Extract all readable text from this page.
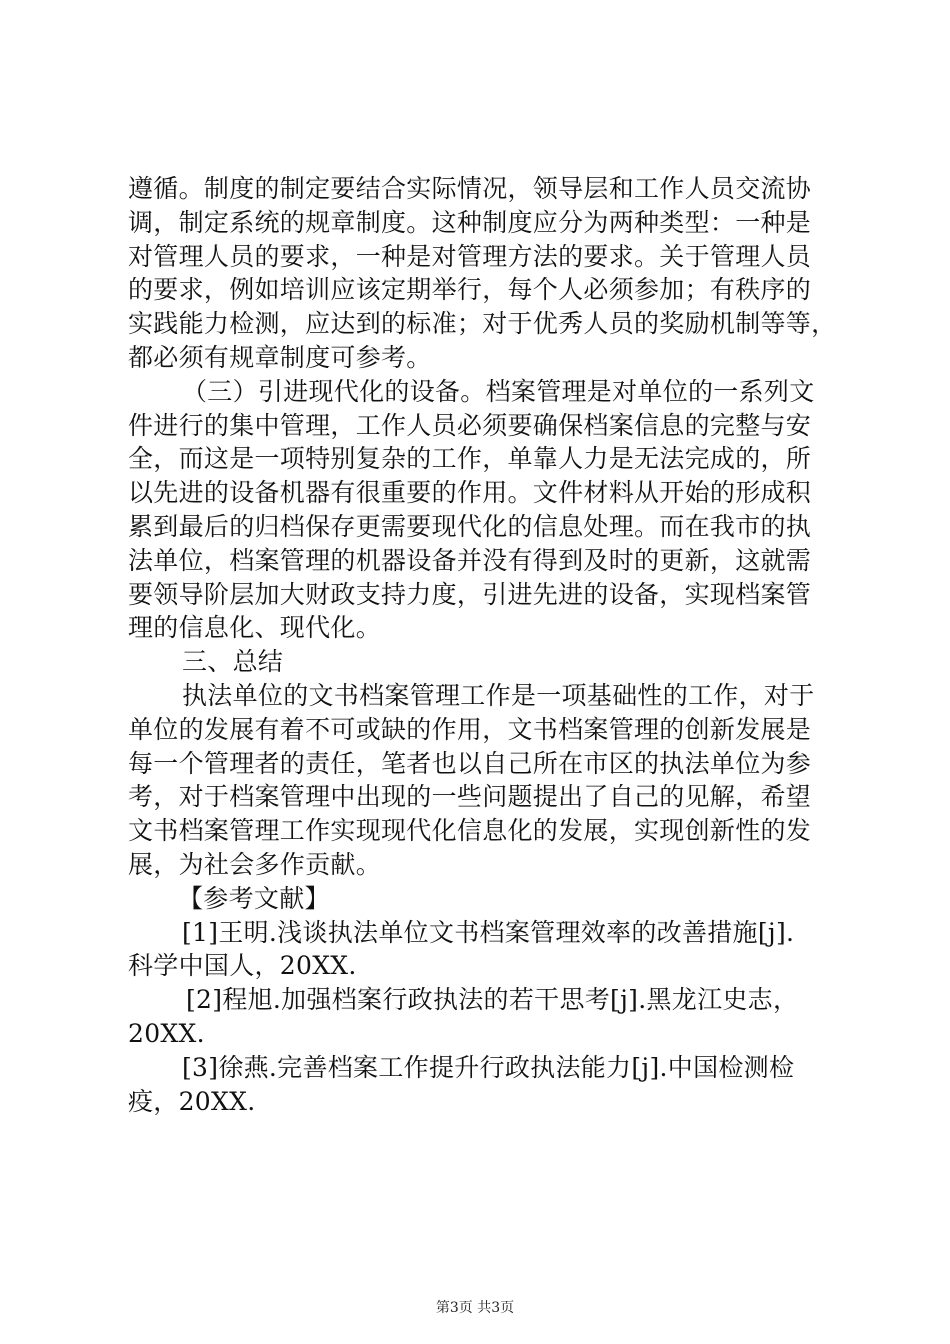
遵循。制度的制定要结合实际情况，领导层和工作人员交流协
调，制定系统的规章制度。这种制度应分为两种类型：一种是
对管理人员的要求，一种是对管理方法的要求。关于管理人员
的要求，例如培训应该定期举行，每个人必须参加；有秩序的
实践能力检测，应达到的标准；对于优秀人员的奖励机制等等，
都必须有规章制度可参考。
（三）引进现代化的设备。档案管理是对单位的一系列文
件进行的集中管理，工作人员必须要确保档案信息的完整与安
全，而这是一项特别复杂的工作，单靠人力是无法完成的，所
以先进的设备机器有很重要的作用。文件材料从开始的形成积
累到最后的归档保存更需要现代化的信息处理。而在我市的执
法单位，档案管理的机器设备并没有得到及时的更新，这就需
要领导阶层加大财政支持力度，引进先进的设备，实现档案管
理的信息化、现代化。
三、总结
执法单位的文书档案管理工作是一项基础性的工作，对于
单位的发展有着不可或缺的作用，文书档案管理的创新发展是
每一个管理者的责任，笔者也以自己所在市区的执法单位为参
考，对于档案管理中出现的一些问题提出了自己的见解，希望
文书档案管理工作实现现代化信息化的发展，实现创新性的发
展，为社会多作贡献。
【参考文献】
[1]王明.浅谈执法单位文书档案管理效率的改善措施[j].
科学中国人，20XX.
[2]程旭.加强档案行政执法的若干思考[j].黑龙江史志，
20XX.
[3]徐燕.完善档案工作提升行政执法能力[j].中国检测检
疫，20XX.
第3页 共3页
